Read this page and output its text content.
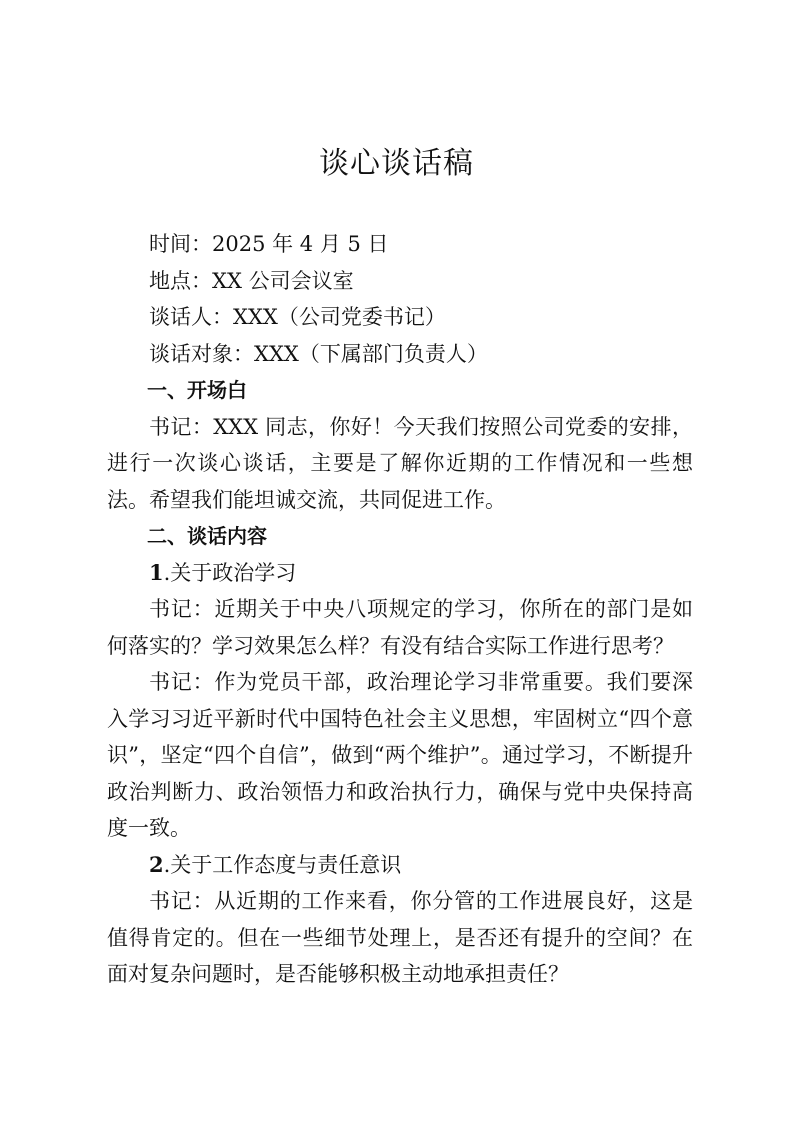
谈心谈话稿

时间：2025 年 4 月 5 日

地点：XX 公司会议室

谈话人：XXX（公司党委书记）

谈话对象：XXX（下属部门负责人）

一、开场白

书记：XXX 同志，你好！今天我们按照公司党委的安排，进行一次谈心谈话，主要是了解你近期的工作情况和一些想法。希望我们能坦诚交流，共同促进工作。

二、谈话内容

1.关于政治学习

书记：近期关于中央八项规定的学习，你所在的部门是如何落实的？学习效果怎么样？有没有结合实际工作进行思考？

书记：作为党员干部，政治理论学习非常重要。我们要深入学习习近平新时代中国特色社会主义思想，牢固树立“四个意识”，坚定“四个自信”，做到“两个维护”。通过学习，不断提升政治判断力、政治领悟力和政治执行力，确保与党中央保持高度一致。

2.关于工作态度与责任意识

书记：从近期的工作来看，你分管的工作进展良好，这是值得肯定的。但在一些细节处理上，是否还有提升的空间？在面对复杂问题时，是否能够积极主动地承担责任？
